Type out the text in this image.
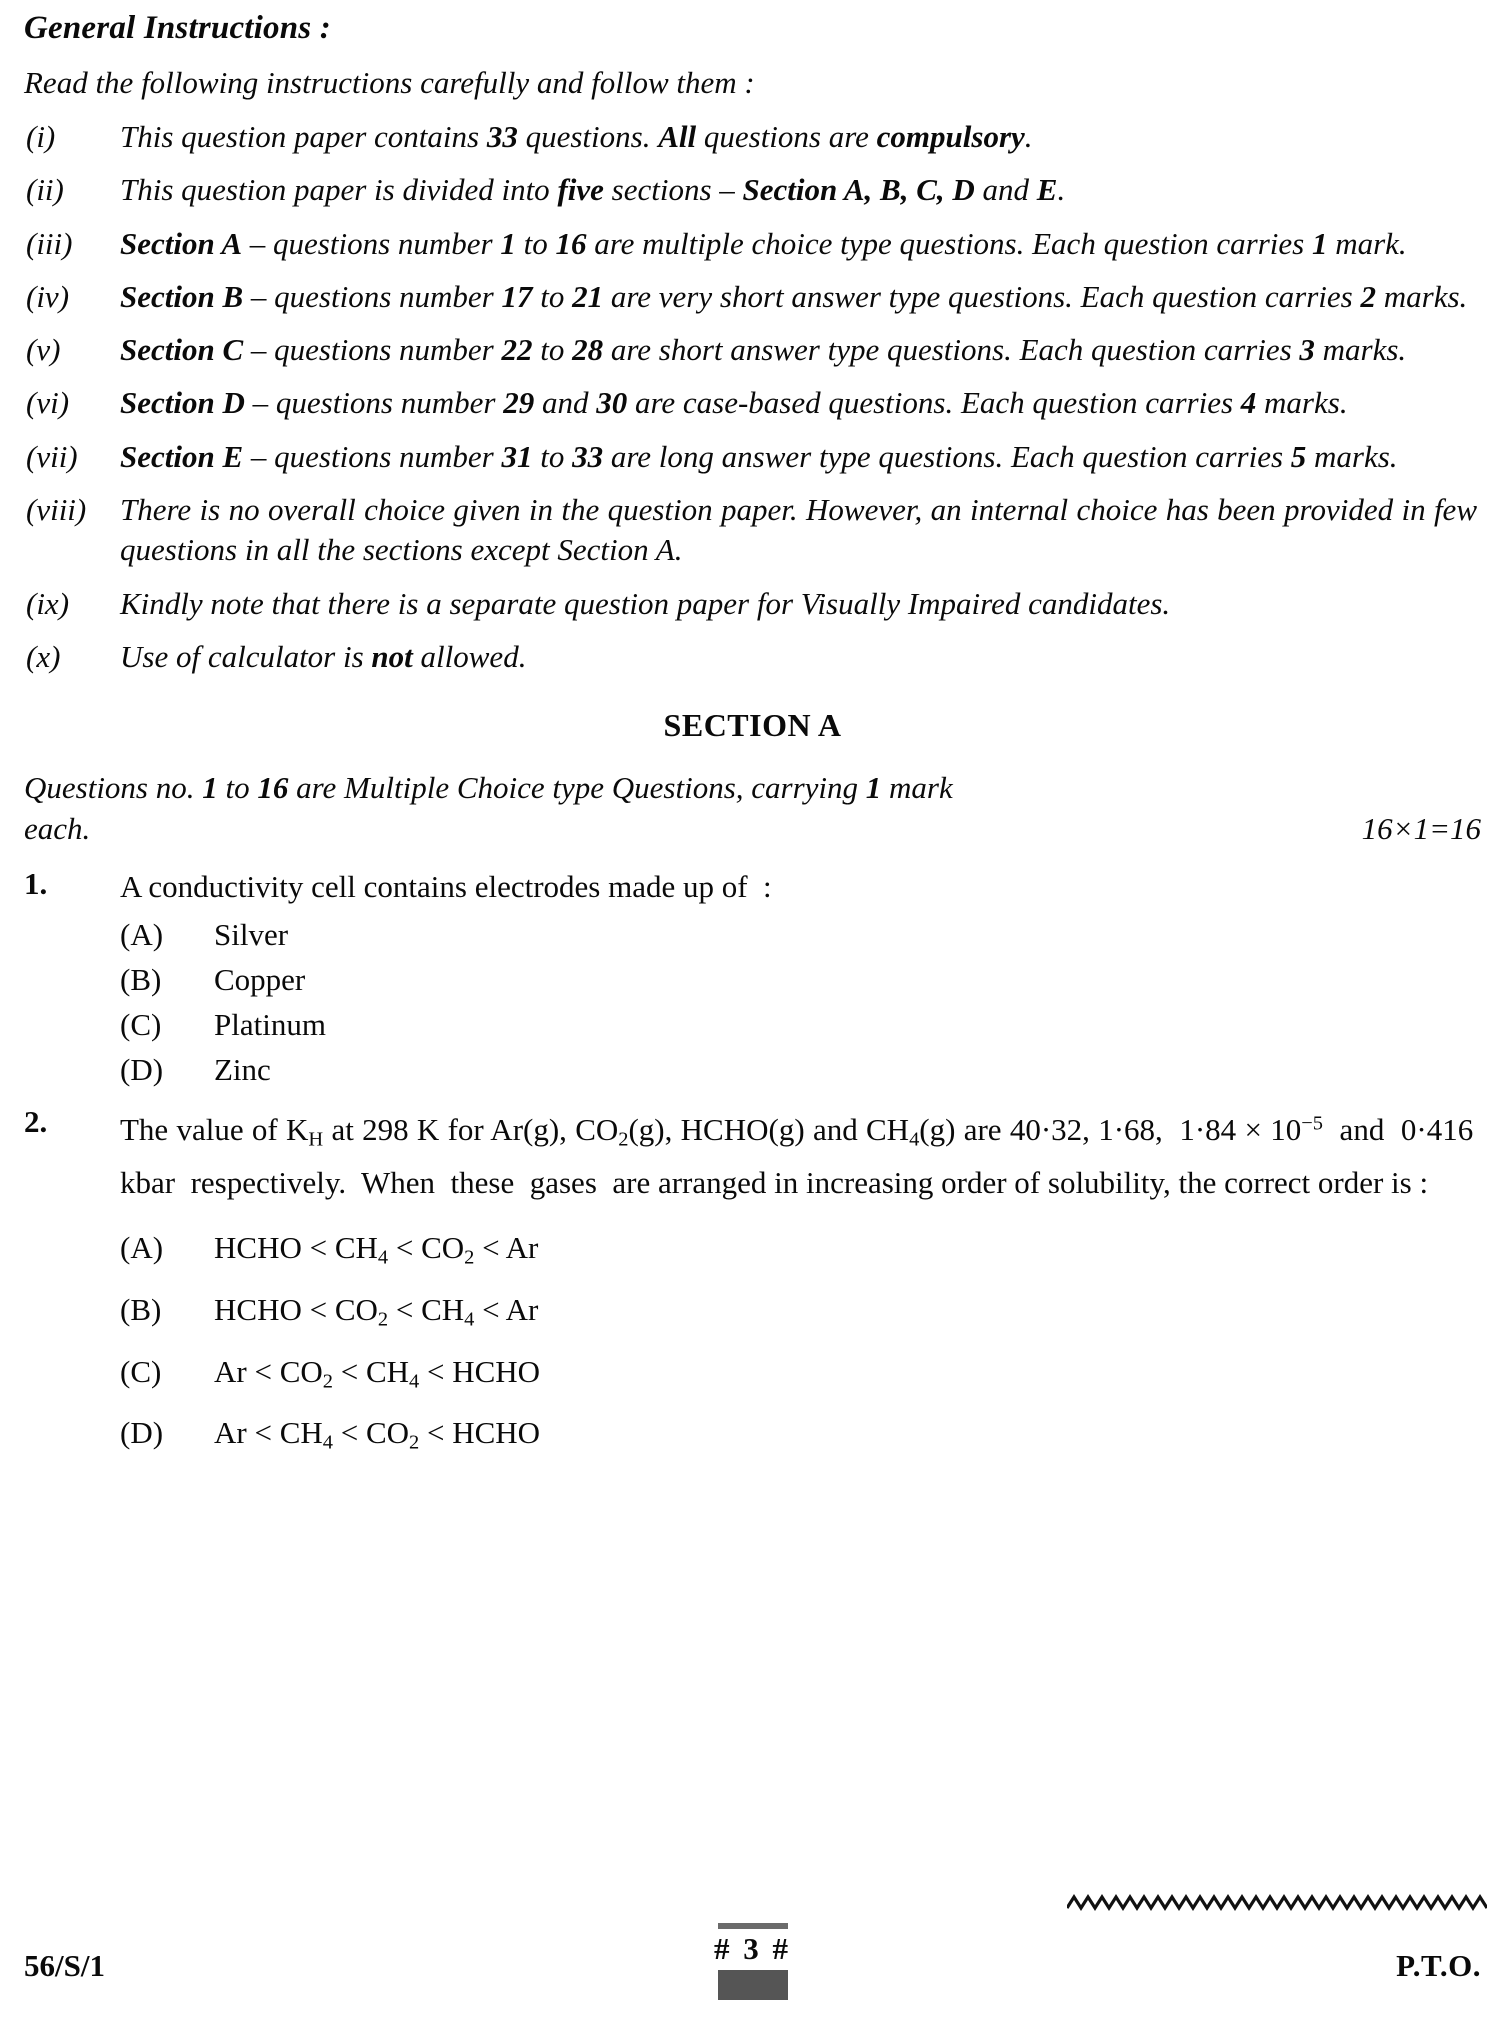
General Instructions :
Read the following instructions carefully and follow them :
(i)	This question paper contains 33 questions. All questions are compulsory.
(ii)	This question paper is divided into five sections – Section A, B, C, D and E.
(iii)	Section A – questions number 1 to 16 are multiple choice type questions. Each question carries 1 mark.
(iv)	Section B – questions number 17 to 21 are very short answer type questions. Each question carries 2 marks.
(v)	Section C – questions number 22 to 28 are short answer type questions. Each question carries 3 marks.
(vi)	Section D – questions number 29 and 30 are case-based questions. Each question carries 4 marks.
(vii)	Section E – questions number 31 to 33 are long answer type questions. Each question carries 5 marks.
(viii)	There is no overall choice given in the question paper. However, an internal choice has been provided in few questions in all the sections except Section A.
(ix)	Kindly note that there is a separate question paper for Visually Impaired candidates.
(x)	Use of calculator is not allowed.
SECTION A
Questions no. 1 to 16 are Multiple Choice type Questions, carrying 1 mark
each.	16×1=16
1.	A conductivity cell contains electrodes made up of  :
(A)	Silver
(B)	Copper
(C)	Platinum
(D)	Zinc
2.	The value of $K_H$ at 298 K for Ar(g), $CO_2(g)$, HCHO(g) and $CH_4(g)$ are 40·32, 1·68,  $1\cdot 84 \times 10^{-5}$  and  0·416  kbar  respectively.  When  these  gases  are arranged in increasing order of solubility, the correct order is :
(A)	HCHO < $CH_4 < CO_2 < Ar$
(B)	HCHO < $CO_2 < CH_4 < Ar$
(C)	$Ar < CO_2 < CH_4$ < HCHO
(D)	$Ar < CH_4 < CO_2$ < HCHO
56/S/1	# 3 #	P.T.O.
